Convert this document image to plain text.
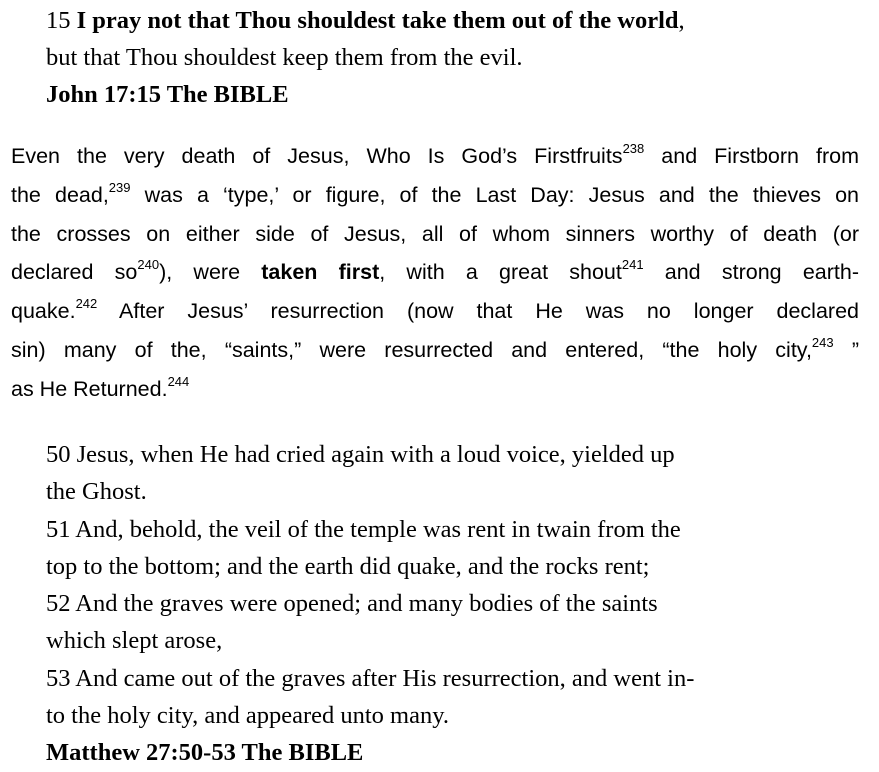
15 I pray not that Thou shouldest take them out of the world,
but that Thou shouldest keep them from the evil.
John 17:15 The BIBLE
Even the very death of Jesus, Who Is God’s Firstfruits$^{238}$ and Firstborn from
the dead,$^{239}$ was a ‘type,’ or figure, of the Last Day: Jesus and the thieves on
the crosses on either side of Jesus, all of whom sinners worthy of death (or
declared $so^{240}$), were taken first, with a great shout$^{241}$ and strong earth-
quake.$^{242}$ After Jesus’ resurrection (now that He was no longer declared
sin) many of the, “saints,” were resurrected and entered, “the holy city,$^{243}$ ”
as He Returned.$^{244}$
50 Jesus, when He had cried again with a loud voice, yielded up
the Ghost.
51 And, behold, the veil of the temple was rent in twain from the
top to the bottom; and the earth did quake, and the rocks rent;
52 And the graves were opened; and many bodies of the saints
which slept arose,
53 And came out of the graves after His resurrection, and went in-
to the holy city, and appeared unto many.
Matthew 27:50-53 The BIBLE
